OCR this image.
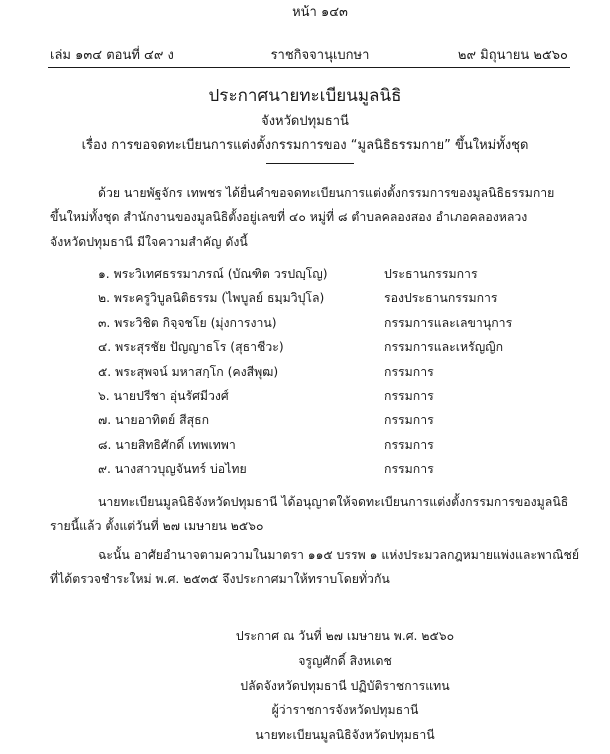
หน้า ๑๔๓
เล่ม ๑๓๔ ตอนที่ ๔๙ ง	ราชกิจจานุเบกษา	๒๙ มิถุนายน ๒๕๖๐
ประกาศนายทะเบียนมูลนิธิ
จังหวัดปทุมธานี
เรื่อง การขอจดทะเบียนการแต่งตั้งกรรมการของ “มูลนิธิธรรมกาย” ขึ้นใหม่ทั้งชุด
ด้วย นายพัฐจักร เทพชร ได้ยื่นคำขอจดทะเบียนการแต่งตั้งกรรมการของมูลนิธิธรรมกาย
ขึ้นใหม่ทั้งชุด สำนักงานของมูลนิธิตั้งอยู่เลขที่ ๔๐ หมู่ที่ ๘ ตำบลคลองสอง อำเภอคลองหลวง
จังหวัดปทุมธานี มีใจความสำคัญ ดังนี้
๑. พระวิเทศธรรมาภรณ์ (บัณฑิต วรปญฺโญ)	ประธานกรรมการ
๒. พระครูวิบูลนิติธรรม (ไพบูลย์ ธมฺมวิปุโล)	รองประธานกรรมการ
๓. พระวิชิต กิจฺจชโย (มุ่งการงาน)	กรรมการและเลขานุการ
๔. พระสุรชัย ปัญญาธโร (สุธาชีวะ)	กรรมการและเหรัญญิก
๕. พระสุพจน์ มหาสกฺโก (คงสีพุฒ)	กรรมการ
๖. นายปรีชา อุ่นรัศมีวงศ์	กรรมการ
๗. นายอาทิตย์ สีสุธก	กรรมการ
๘. นายสิทธิศักดิ์ เทพเทพา	กรรมการ
๙. นางสาวบุญจันทร์ บ่อไทย	กรรมการ
นายทะเบียนมูลนิธิจังหวัดปทุมธานี ได้อนุญาตให้จดทะเบียนการแต่งตั้งกรรมการของมูลนิธิ
รายนี้แล้ว ตั้งแต่วันที่ ๒๗ เมษายน ๒๕๖๐
ฉะนั้น อาศัยอำนาจตามความในมาตรา ๑๑๕ บรรพ ๑ แห่งประมวลกฎหมายแพ่งและพาณิชย์
ที่ได้ตรวจชำระใหม่ พ.ศ. ๒๕๓๕ จึงประกาศมาให้ทราบโดยทั่วกัน
ประกาศ ณ วันที่ ๒๗ เมษายน พ.ศ. ๒๕๖๐
จรูญศักดิ์ สิงหเดช
ปลัดจังหวัดปทุมธานี ปฏิบัติราชการแทน
ผู้ว่าราชการจังหวัดปทุมธานี
นายทะเบียนมูลนิธิจังหวัดปทุมธานี
